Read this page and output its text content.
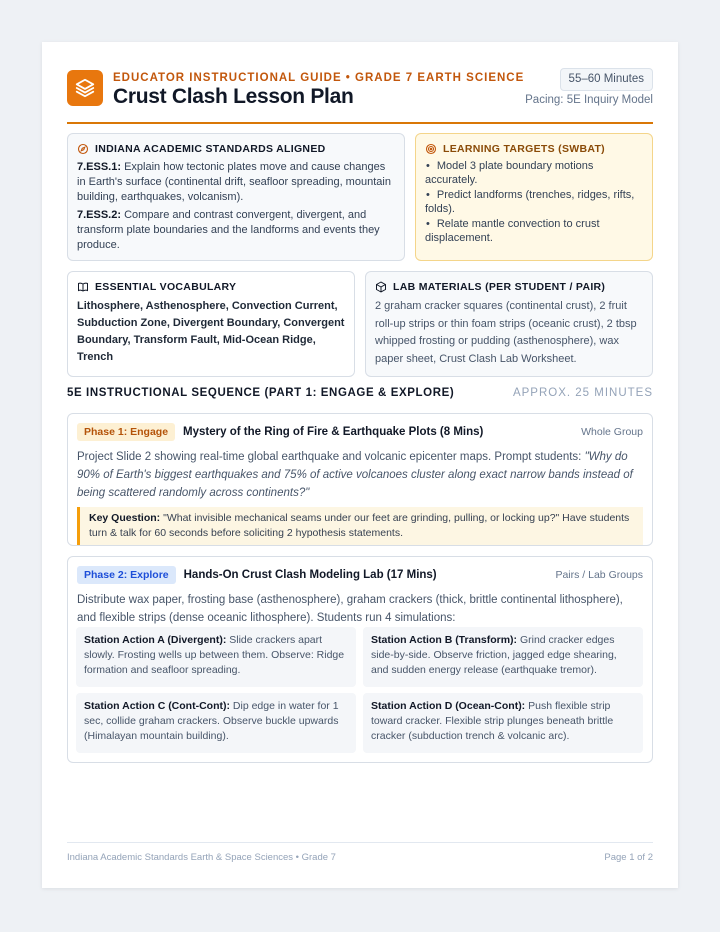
EDUCATOR INSTRUCTIONAL GUIDE • GRADE 7 EARTH SCIENCE
Crust Clash Lesson Plan
55–60 Minutes
Pacing: 5E Inquiry Model
INDIANA ACADEMIC STANDARDS ALIGNED
7.ESS.1: Explain how tectonic plates move and cause changes in Earth's surface (continental drift, seafloor spreading, mountain building, earthquakes, volcanism).
7.ESS.2: Compare and contrast convergent, divergent, and transform plate boundaries and the landforms and events they produce.
LEARNING TARGETS (SWBAT)
• Model 3 plate boundary motions accurately.
• Predict landforms (trenches, ridges, rifts, folds).
• Relate mantle convection to crust displacement.
ESSENTIAL VOCABULARY
Lithosphere, Asthenosphere, Convection Current, Subduction Zone, Divergent Boundary, Convergent Boundary, Transform Fault, Mid-Ocean Ridge, Trench
LAB MATERIALS (PER STUDENT / PAIR)
2 graham cracker squares (continental crust), 2 fruit roll-up strips or thin foam strips (oceanic crust), 2 tbsp whipped frosting or pudding (asthenosphere), wax paper sheet, Crust Clash Lab Worksheet.
5E INSTRUCTIONAL SEQUENCE (PART 1: ENGAGE & EXPLORE)	APPROX. 25 MINUTES
Phase 1: Engage	Mystery of the Ring of Fire & Earthquake Plots (8 Mins)	Whole Group
Project Slide 2 showing real-time global earthquake and volcanic epicenter maps. Prompt students: "Why do 90% of Earth's biggest earthquakes and 75% of active volcanoes cluster along exact narrow bands instead of being scattered randomly across continents?"
Key Question: "What invisible mechanical seams under our feet are grinding, pulling, or locking up?" Have students turn & talk for 60 seconds before soliciting 2 hypothesis statements.
Phase 2: Explore	Hands-On Crust Clash Modeling Lab (17 Mins)	Pairs / Lab Groups
Distribute wax paper, frosting base (asthenosphere), graham crackers (thick, brittle continental lithosphere), and flexible strips (dense oceanic lithosphere). Students run 4 simulations:
Station Action A (Divergent): Slide crackers apart slowly. Frosting wells up between them. Observe: Ridge formation and seafloor spreading.
Station Action B (Transform): Grind cracker edges side-by-side. Observe friction, jagged edge shearing, and sudden energy release (earthquake tremor).
Station Action C (Cont-Cont): Dip edge in water for 1 sec, collide graham crackers. Observe buckle upwards (Himalayan mountain building).
Station Action D (Ocean-Cont): Push flexible strip toward cracker. Flexible strip plunges beneath brittle cracker (subduction trench & volcanic arc).
Indiana Academic Standards Earth & Space Sciences • Grade 7	Page 1 of 2
